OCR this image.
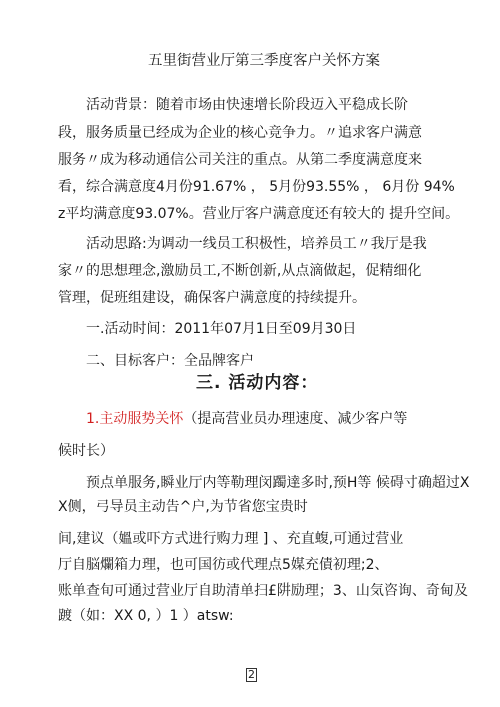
五里街营业厅第三季度客户关怀方案
活动背景：随着市场由快速增长阶段迈入平稳成长阶
段，服务质量已经成为企业的核心竞争力。〃追求客户满意
服务〃成为移动通信公司关注的重点。从第二季度满意度来
看，综合满意度4月份91.67% ， 5月份93.55% ， 6月份 94%
z平均满意度93.07%。营业厅客户满意度还有较大的 提升空间。
活动思路:为调动一线员工积极性，培养员工〃我厅是我
家〃的思想理念,激励员工,不断创新,从点滴做起，促精细化
管理，促班组建设，确保客户满意度的持续提升。
一.活动时间：2011年07月1日至09月30日
二、目标客户：全品牌客户
三. 活动内容：
1.主动服势关怀（提高营业员办理速度、减少客户等
候时长）
预点单服务,瞬业厅内等勒理闵躅達多时,预H等 候碍寸确超过X
X侧，弓导员主动告^户,为节省您宝贵时
间,建议（媼或吓方式进行购力理 ] 、充直蝮,可通过营业
厅自脳爛箱力理，也可国彷或代理点5媒充債初理;2、
账单查旬可通过营业厅自助清单扫£阱励理；3、山気咨询、奇甸及
踱（如：XX 0, ）1 ）atsw:
2
